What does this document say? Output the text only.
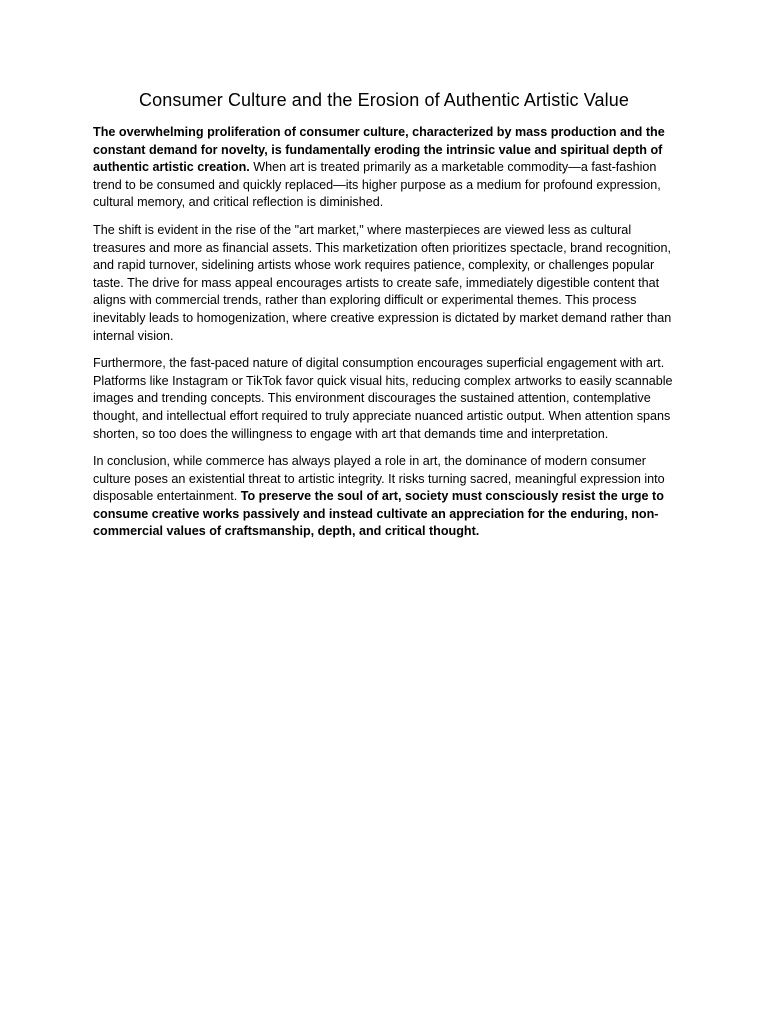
Consumer Culture and the Erosion of Authentic Artistic Value

The overwhelming proliferation of consumer culture, characterized by mass production and the constant demand for novelty, is fundamentally eroding the intrinsic value and spiritual depth of authentic artistic creation. When art is treated primarily as a marketable commodity—a fast-fashion trend to be consumed and quickly replaced—its higher purpose as a medium for profound expression, cultural memory, and critical reflection is diminished.

The shift is evident in the rise of the "art market," where masterpieces are viewed less as cultural treasures and more as financial assets. This marketization often prioritizes spectacle, brand recognition, and rapid turnover, sidelining artists whose work requires patience, complexity, or challenges popular taste. The drive for mass appeal encourages artists to create safe, immediately digestible content that aligns with commercial trends, rather than exploring difficult or experimental themes. This process inevitably leads to homogenization, where creative expression is dictated by market demand rather than internal vision.

Furthermore, the fast-paced nature of digital consumption encourages superficial engagement with art. Platforms like Instagram or TikTok favor quick visual hits, reducing complex artworks to easily scannable images and trending concepts. This environment discourages the sustained attention, contemplative thought, and intellectual effort required to truly appreciate nuanced artistic output. When attention spans shorten, so too does the willingness to engage with art that demands time and interpretation.

In conclusion, while commerce has always played a role in art, the dominance of modern consumer culture poses an existential threat to artistic integrity. It risks turning sacred, meaningful expression into disposable entertainment. To preserve the soul of art, society must consciously resist the urge to consume creative works passively and instead cultivate an appreciation for the enduring, non-commercial values of craftsmanship, depth, and critical thought.
